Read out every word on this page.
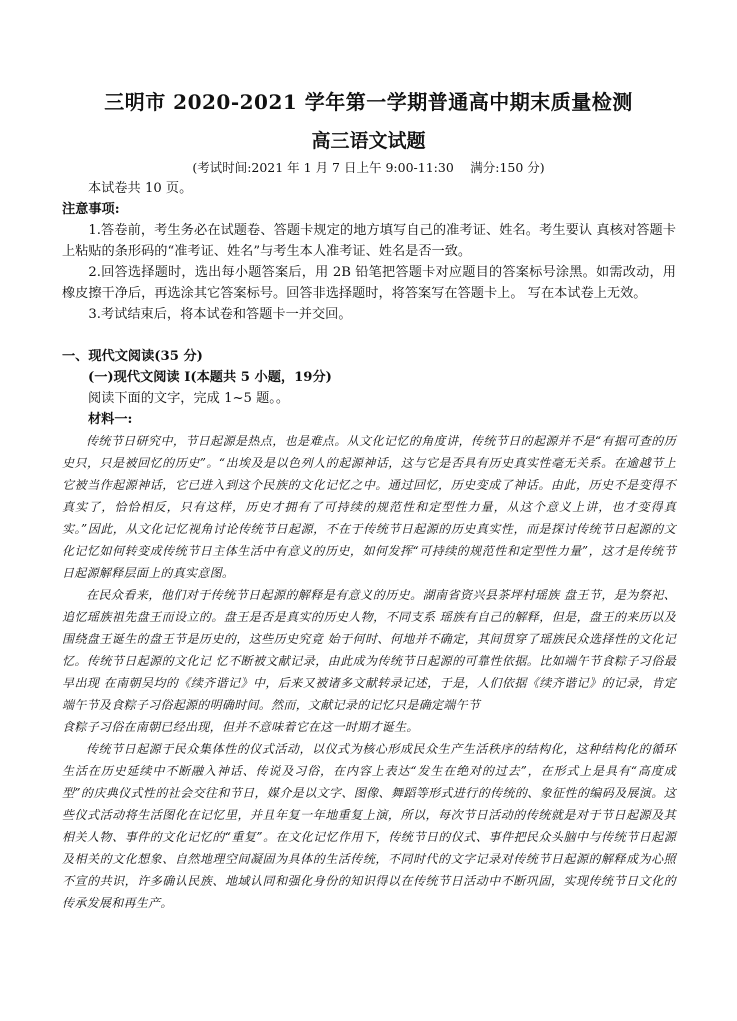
三明市 2020-2021 学年第一学期普通高中期末质量检测
高三语文试题
(考试时间:2021 年 1 月 7 日上午 9:00-11:30　 满分:150 分)
本试卷共 10 页。
注意事项:
1.答卷前，考生务必在试题卷、答题卡规定的地方填写自己的准考证、姓名。考生要认 真核对答题卡上粘贴的条形码的“准考证、姓名”与考生本人准考证、姓名是否一致。
2.回答选择题时，选出每小题答案后，用 2B 铅笔把答题卡对应题目的答案标号涂黑。如需改动，用橡皮擦干净后，再选涂其它答案标号。回答非选择题时，将答案写在答题卡上。 写在本试卷上无效。
3.考试结束后，将本试卷和答题卡一并交回。
一、现代文阅读(35 分)
(一)现代文阅读 I(本题共 5 小题，19分)
阅读下面的文字，完成 1~5 题。。
材料一:

传统节日研究中，节日起源是热点，也是难点。从文化记忆的角度讲，传统节日的起源并不是“有据可查的历史只，只是被回忆的历史”。“出埃及是以色列人的起源神话，这与它是否具有历史真实性毫无关系。在逾越节上它被当作起源神话，它已进入到这个民族的文化记忆之中。通过回忆，历史变成了神话。由此，历史不是变得不真实了，恰恰相反，只有这样，历史才拥有了可持续的规范性和定型性力量，从这个意义上讲，也才变得真实。”因此，从文化记忆视角讨论传统节日起源，不在于传统节日起源的历史真实性，而是探讨传统节日起源的文化记忆如何转变成传统节日主体生活中有意义的历史，如何发挥“可持续的规范性和定型性力量”，这才是传统节日起源解释层面上的真实意图。

在民众看来，他们对于传统节日起源的解释是有意义的历史。湖南省资兴县茶坪村瑶族 盘王节，是为祭祀、追忆瑶族祖先盘王而设立的。盘王是否是真实的历史人物，不同支系 瑶族有自己的解释，但是，盘王的来历以及围绕盘王诞生的盘王节是历史的，这些历史究竟 始于何时、何地并不确定，其间贯穿了瑶族民众选择性的文化记忆。传统节日起源的文化记 忆不断被文献记录，由此成为传统节日起源的可靠性依据。比如端午节食粽子习俗最早出现 在南朝吴均的《续齐谐记》中，后来又被诸多文献转录记述，于是，人们依据《续齐谐记》的记录，肯定端午节及食粽子习俗起源的明确时间。然而，文献记录的记忆只是确定端午节

食粽子习俗在南朝已经出现，但并不意味着它在这一时期才诞生。

传统节日起源于民众集体性的仪式活动，以仪式为核心形成民众生产生活秩序的结构化，这种结构化的循环生活在历史延续中不断融入神话、传说及习俗，在内容上表达“发生在绝对的过去”，在形式上是具有“高度成型”的庆典仪式性的社会交往和节日，媒介是以文字、图像、舞蹈等形式进行的传统的、象征性的编码及展演。这些仪式活动将生活图化在记忆里，并且年复一年地重复上演，所以，每次节日活动的传统就是对于节日起源及其相关人物、事件的文化记忆的“重复”。在文化记忆作用下，传统节日的仪式、事件把民众头脑中与传统节日起源及相关的文化想象、自然地理空间凝固为具体的生活传统，不同时代的文字记录对传统节日起源的解释成为心照不宣的共识，许多确认民族、地域认同和强化身份的知识得以在传统节日活动中不断巩固，实现传统节日文化的传承发展和再生产。
